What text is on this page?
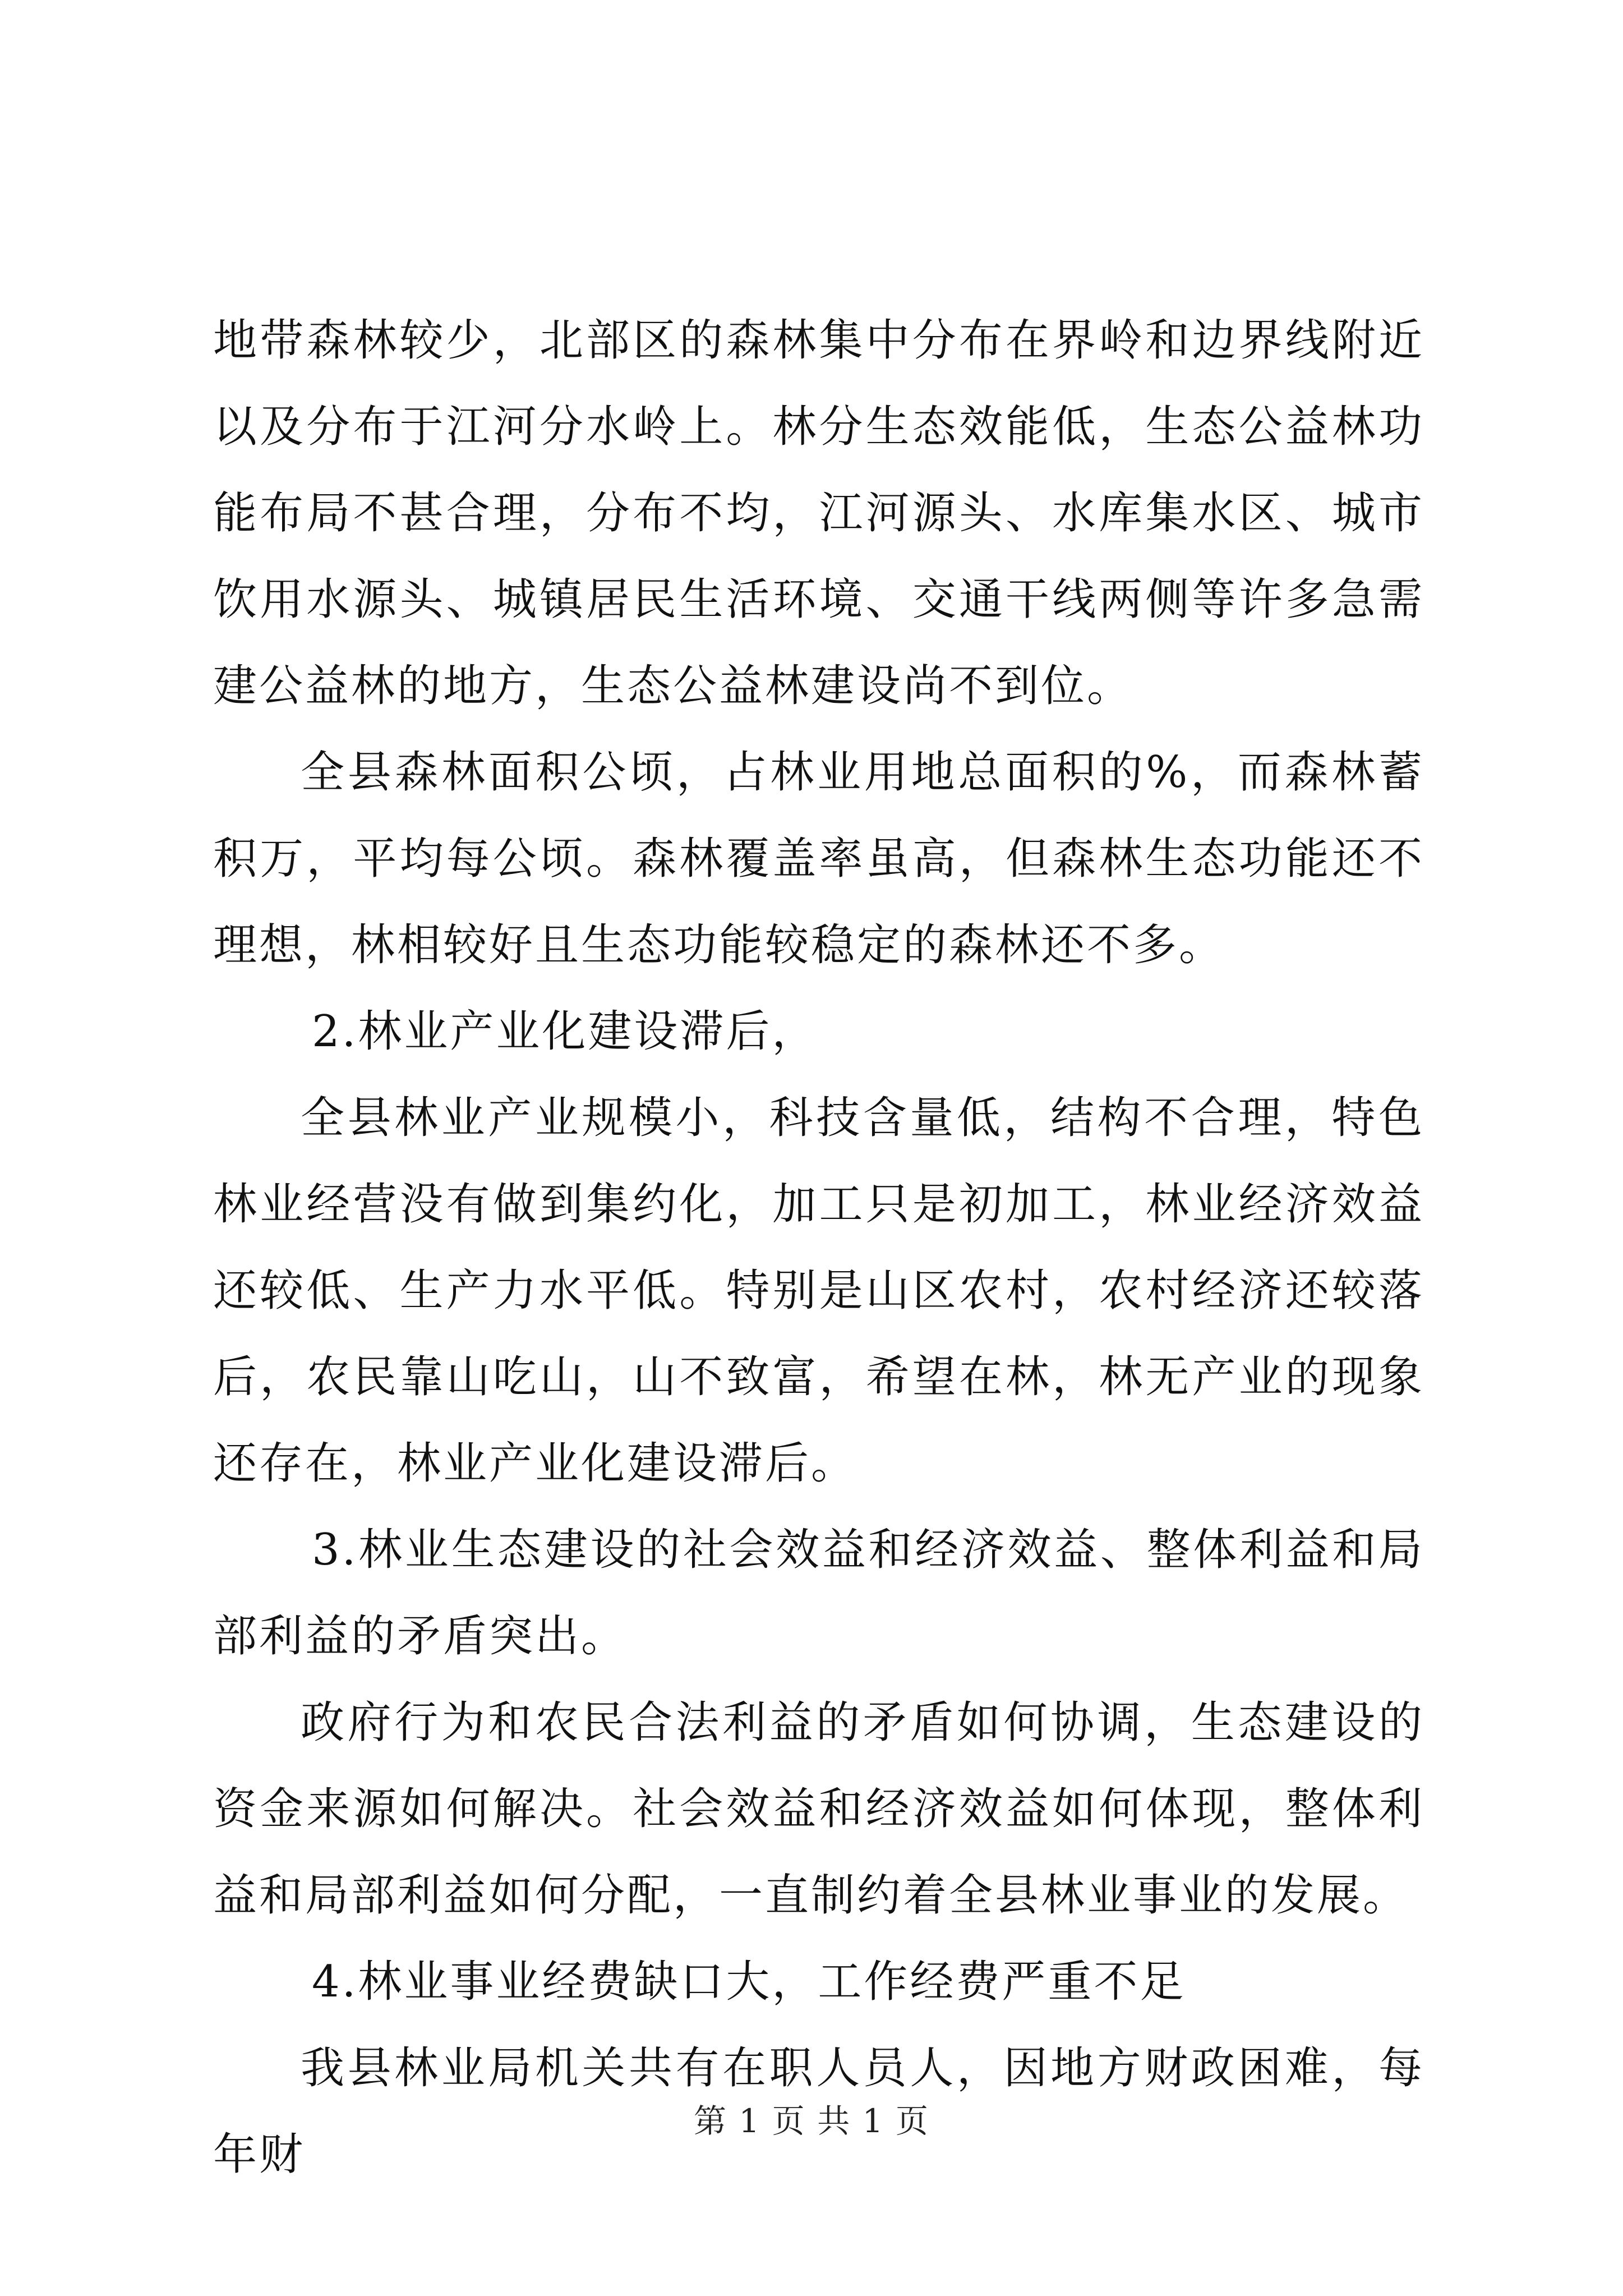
地带森林较少，北部区的森林集中分布在界岭和边界线附近以及分布于江河分水岭上。林分生态效能低，生态公益林功能布局不甚合理，分布不均，江河源头、水库集水区、城市饮用水源头、城镇居民生活环境、交通干线两侧等许多急需建公益林的地方，生态公益林建设尚不到位。

全县森林面积公顷，占林业用地总面积的%，而森林蓄积万，平均每公顷。森林覆盖率虽高，但森林生态功能还不理想，林相较好且生态功能较稳定的森林还不多。

2.林业产业化建设滞后，

全县林业产业规模小，科技含量低，结构不合理，特色林业经营没有做到集约化，加工只是初加工，林业经济效益还较低、生产力水平低。特别是山区农村，农村经济还较落后，农民靠山吃山，山不致富，希望在林，林无产业的现象还存在，林业产业化建设滞后。

3.林业生态建设的社会效益和经济效益、整体利益和局部利益的矛盾突出。

政府行为和农民合法利益的矛盾如何协调，生态建设的资金来源如何解决。社会效益和经济效益如何体现，整体利益和局部利益如何分配，一直制约着全县林业事业的发展。

4.林业事业经费缺口大，工作经费严重不足

我县林业局机关共有在职人员人，因地方财政困难，每年财

第 1 页 共 1 页
